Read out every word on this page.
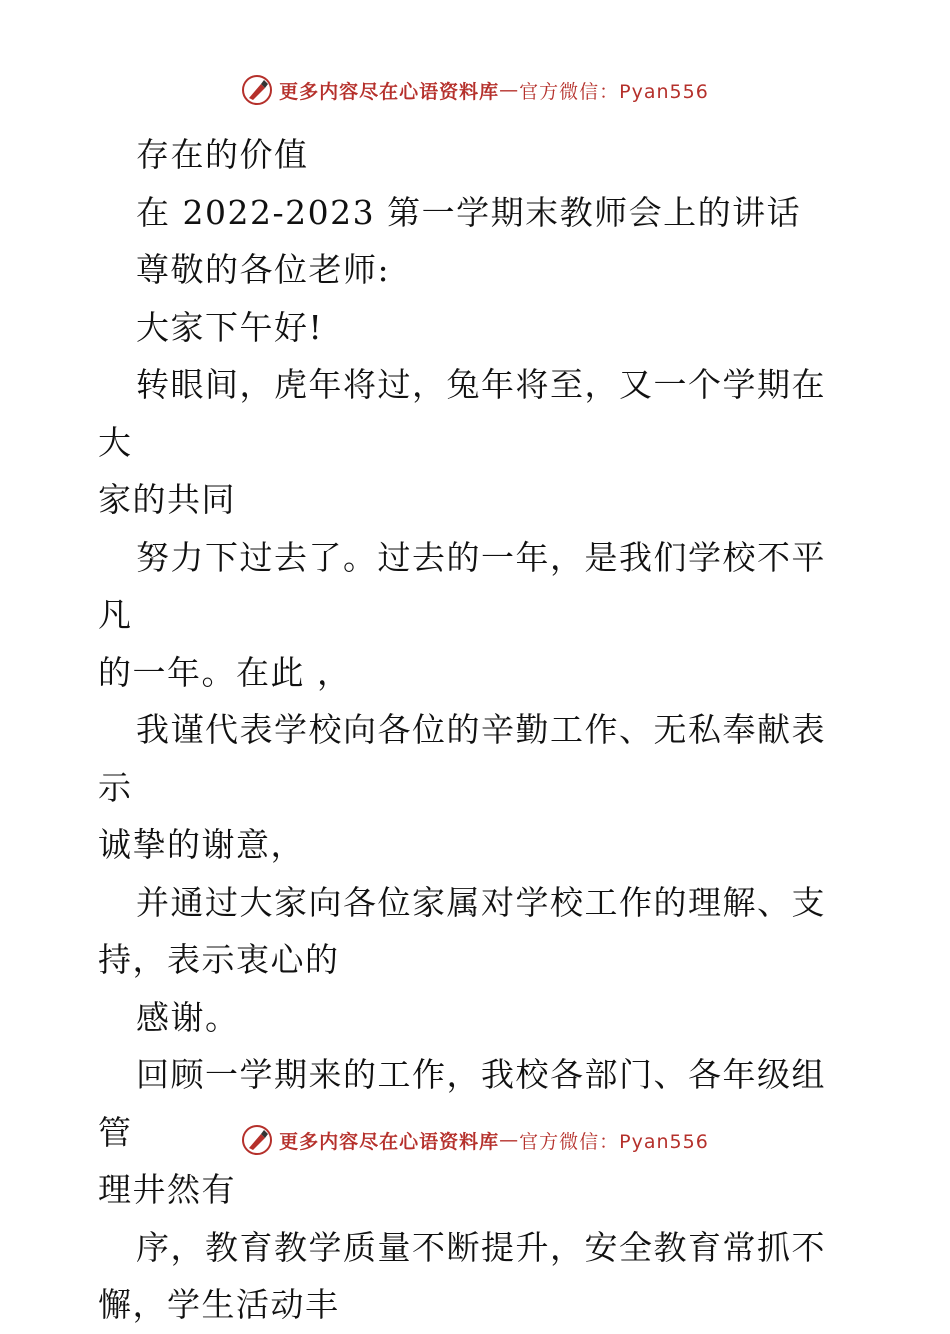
更多内容尽在心语资料库 — 官方微信：Pyan556

存在的价值

在 2022-2023 第一学期末教师会上的讲话

尊敬的各位老师:

大家下午好!

转眼间，虎年将过，兔年将至，又一个学期在大

家的共同

努力下过去了。过去的一年，是我们学校不平凡

的一年。在此 ，

我谨代表学校向各位的辛勤工作、无私奉献表示

诚挚的谢意，

并通过大家向各位家属对学校工作的理解、支

持，表示衷心的

感谢。

回顾一学期来的工作，我校各部门、各年级组管

理井然有

序，教育教学质量不断提升，安全教育常抓不

懈，学生活动丰

更多内容尽在心语资料库 — 官方微信：Pyan556
